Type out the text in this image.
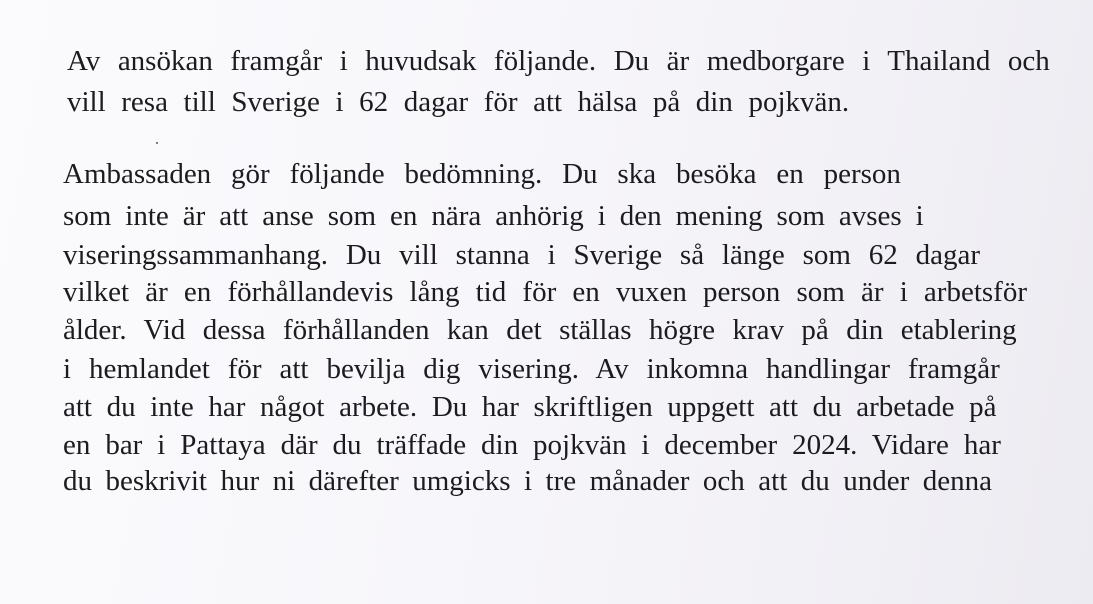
Av ansökan framgår i huvudsak följande. Du är medborgare i Thailand och
vill resa till Sverige i 62 dagar för att hälsa på din pojkvän.
Ambassaden gör följande bedömning. Du ska besöka en person
som inte är att anse som en nära anhörig i den mening som avses i
viseringssammanhang. Du vill stanna i Sverige så länge som 62 dagar
vilket är en förhållandevis lång tid för en vuxen person som är i arbetsför
ålder. Vid dessa förhållanden kan det ställas högre krav på din etablering
i hemlandet för att bevilja dig visering. Av inkomna handlingar framgår
att du inte har något arbete. Du har skriftligen uppgett att du arbetade på
en bar i Pattaya där du träffade din pojkvän i december 2024. Vidare har
du beskrivit hur ni därefter umgicks i tre månader och att du under denna
